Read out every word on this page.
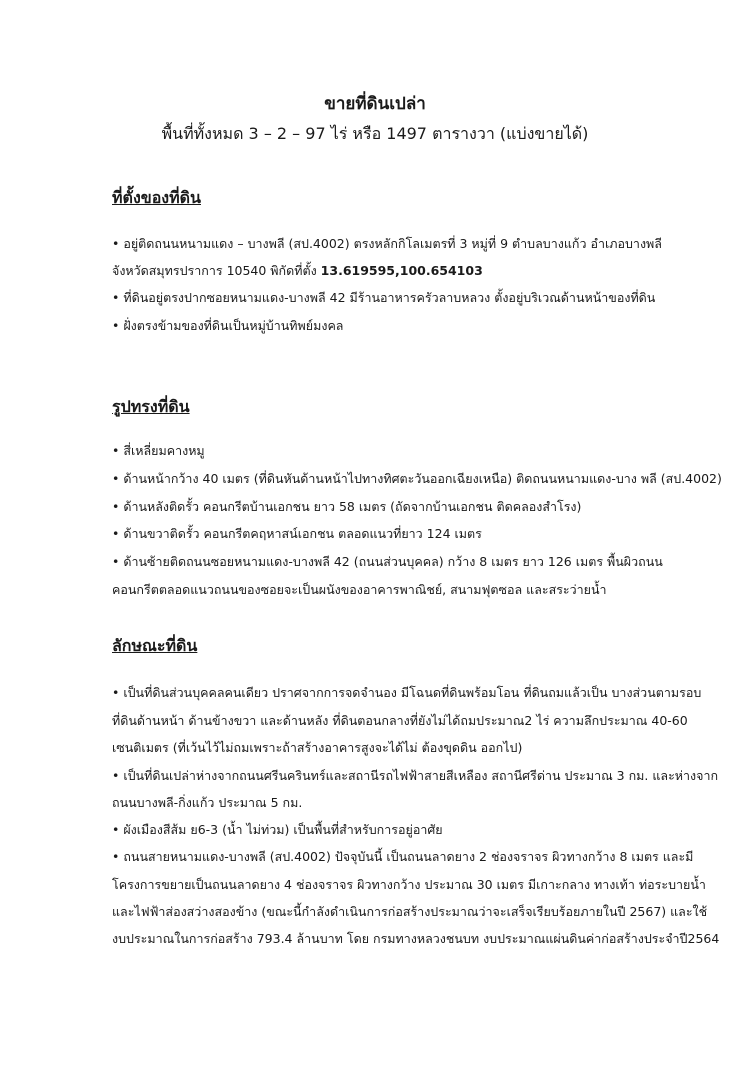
ขายที่ดินเปล่า
พื้นที่ทั้งหมด 3 – 2 – 97 ไร่ หรือ 1497 ตารางวา (แบ่งขายได้)
ที่ตั้งของที่ดิน
• อยู่ติดถนนหนามแดง – บางพลี (สป.4002) ตรงหลักกิโลเมตรที่ 3 หมู่ที่ 9 ตำบลบางแก้ว อำเภอบางพลี
จังหวัดสมุทรปราการ 10540 พิกัดที่ตั้ง 13.619595,100.654103
• ที่ดินอยู่ตรงปากซอยหนามแดง-บางพลี 42 มีร้านอาหารครัวลาบหลวง ตั้งอยู่บริเวณด้านหน้าของที่ดิน
• ฝั่งตรงข้ามของที่ดินเป็นหมู่บ้านทิพย์มงคล
รูปทรงที่ดิน
• สี่เหลี่ยมคางหมู
• ด้านหน้ากว้าง 40 เมตร (ที่ดินหันด้านหน้าไปทางทิศตะวันออกเฉียงเหนือ) ติดถนนหนามแดง-บาง พลี (สป.4002)
• ด้านหลังติดรั้ว คอนกรีตบ้านเอกชน ยาว 58 เมตร (ถัดจากบ้านเอกชน ติดคลองสำโรง)
• ด้านขวาติดรั้ว คอนกรีตคฤหาสน์เอกชน ตลอดแนวที่ยาว 124 เมตร
• ด้านซ้ายติดถนนซอยหนามแดง-บางพลี 42 (ถนนส่วนบุคคล) กว้าง 8 เมตร ยาว 126 เมตร พื้นผิวถนน
คอนกรีตตลอดแนวถนนของซอยจะเป็นผนังของอาคารพาณิชย์, สนามฟุตซอล และสระว่ายน้ำ
ลักษณะที่ดิน
• เป็นที่ดินส่วนบุคคลคนเดียว ปราศจากการจดจำนอง มีโฉนดที่ดินพร้อมโอน ที่ดินถมแล้วเป็น บางส่วนตามรอบ
ที่ดินด้านหน้า ด้านข้างขวา และด้านหลัง ที่ดินตอนกลางที่ยังไม่ได้ถมประมาณ2 ไร่ ความลึกประมาณ 40-60
เซนติเมตร (ที่เว้นไว้ไม่ถมเพราะถ้าสร้างอาคารสูงจะได้ไม่ ต้องขุดดิน ออกไป)
• เป็นที่ดินเปล่าห่างจากถนนศรีนครินทร์และสถานีรถไฟฟ้าสายสีเหลือง สถานีศรีด่าน ประมาณ 3 กม. และห่างจาก
ถนนบางพลี-กิ่งแก้ว ประมาณ 5 กม.
• ผังเมืองสีส้ม ย6-3 (น้ำ ไม่ท่วม) เป็นพื้นที่สำหรับการอยู่อาศัย
• ถนนสายหนามแดง-บางพลี (สป.4002) ปัจจุบันนี้ เป็นถนนลาดยาง 2 ช่องจราจร ผิวทางกว้าง 8 เมตร และมี
โครงการขยายเป็นถนนลาดยาง 4 ช่องจราจร ผิวทางกว้าง ประมาณ 30 เมตร มีเกาะกลาง ทางเท้า ท่อระบายน้ำ
และไฟฟ้าส่องสว่างสองข้าง (ขณะนี้กำลังดำเนินการก่อสร้างประมาณว่าจะเสร็จเรียบร้อยภายในปี 2567) และใช้
งบประมาณในการก่อสร้าง 793.4 ล้านบาท โดย กรมทางหลวงชนบท งบประมาณแผ่นดินค่าก่อสร้างประจำปี2564
